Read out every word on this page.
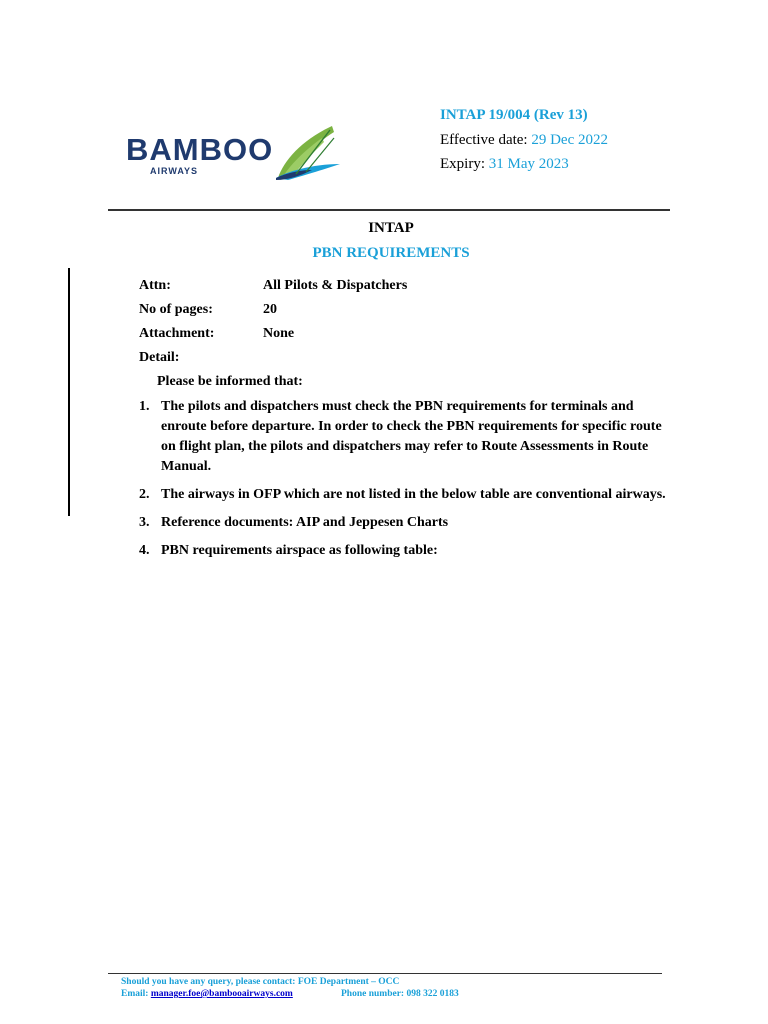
BAMBOO
AIRWAYS
INTAP 19/004 (Rev 13)
Effective date: 29 Dec 2022
Expiry: 31 May 2023
INTAP
PBN REQUIREMENTS
Attn:	All Pilots & Dispatchers
No of pages:	20
Attachment:	None
Detail:
Please be informed that:
1. The pilots and dispatchers must check the PBN requirements for terminals and enroute before departure. In order to check the PBN requirements for specific route on flight plan, the pilots and dispatchers may refer to Route Assessments in Route Manual.
2. The airways in OFP which are not listed in the below table are conventional airways.
3. Reference documents: AIP and Jeppesen Charts
4. PBN requirements airspace as following table:
Should you have any query, please contact: FOE Department – OCC
Email: manager.foe@bambooairways.com	Phone number: 098 322 0183
